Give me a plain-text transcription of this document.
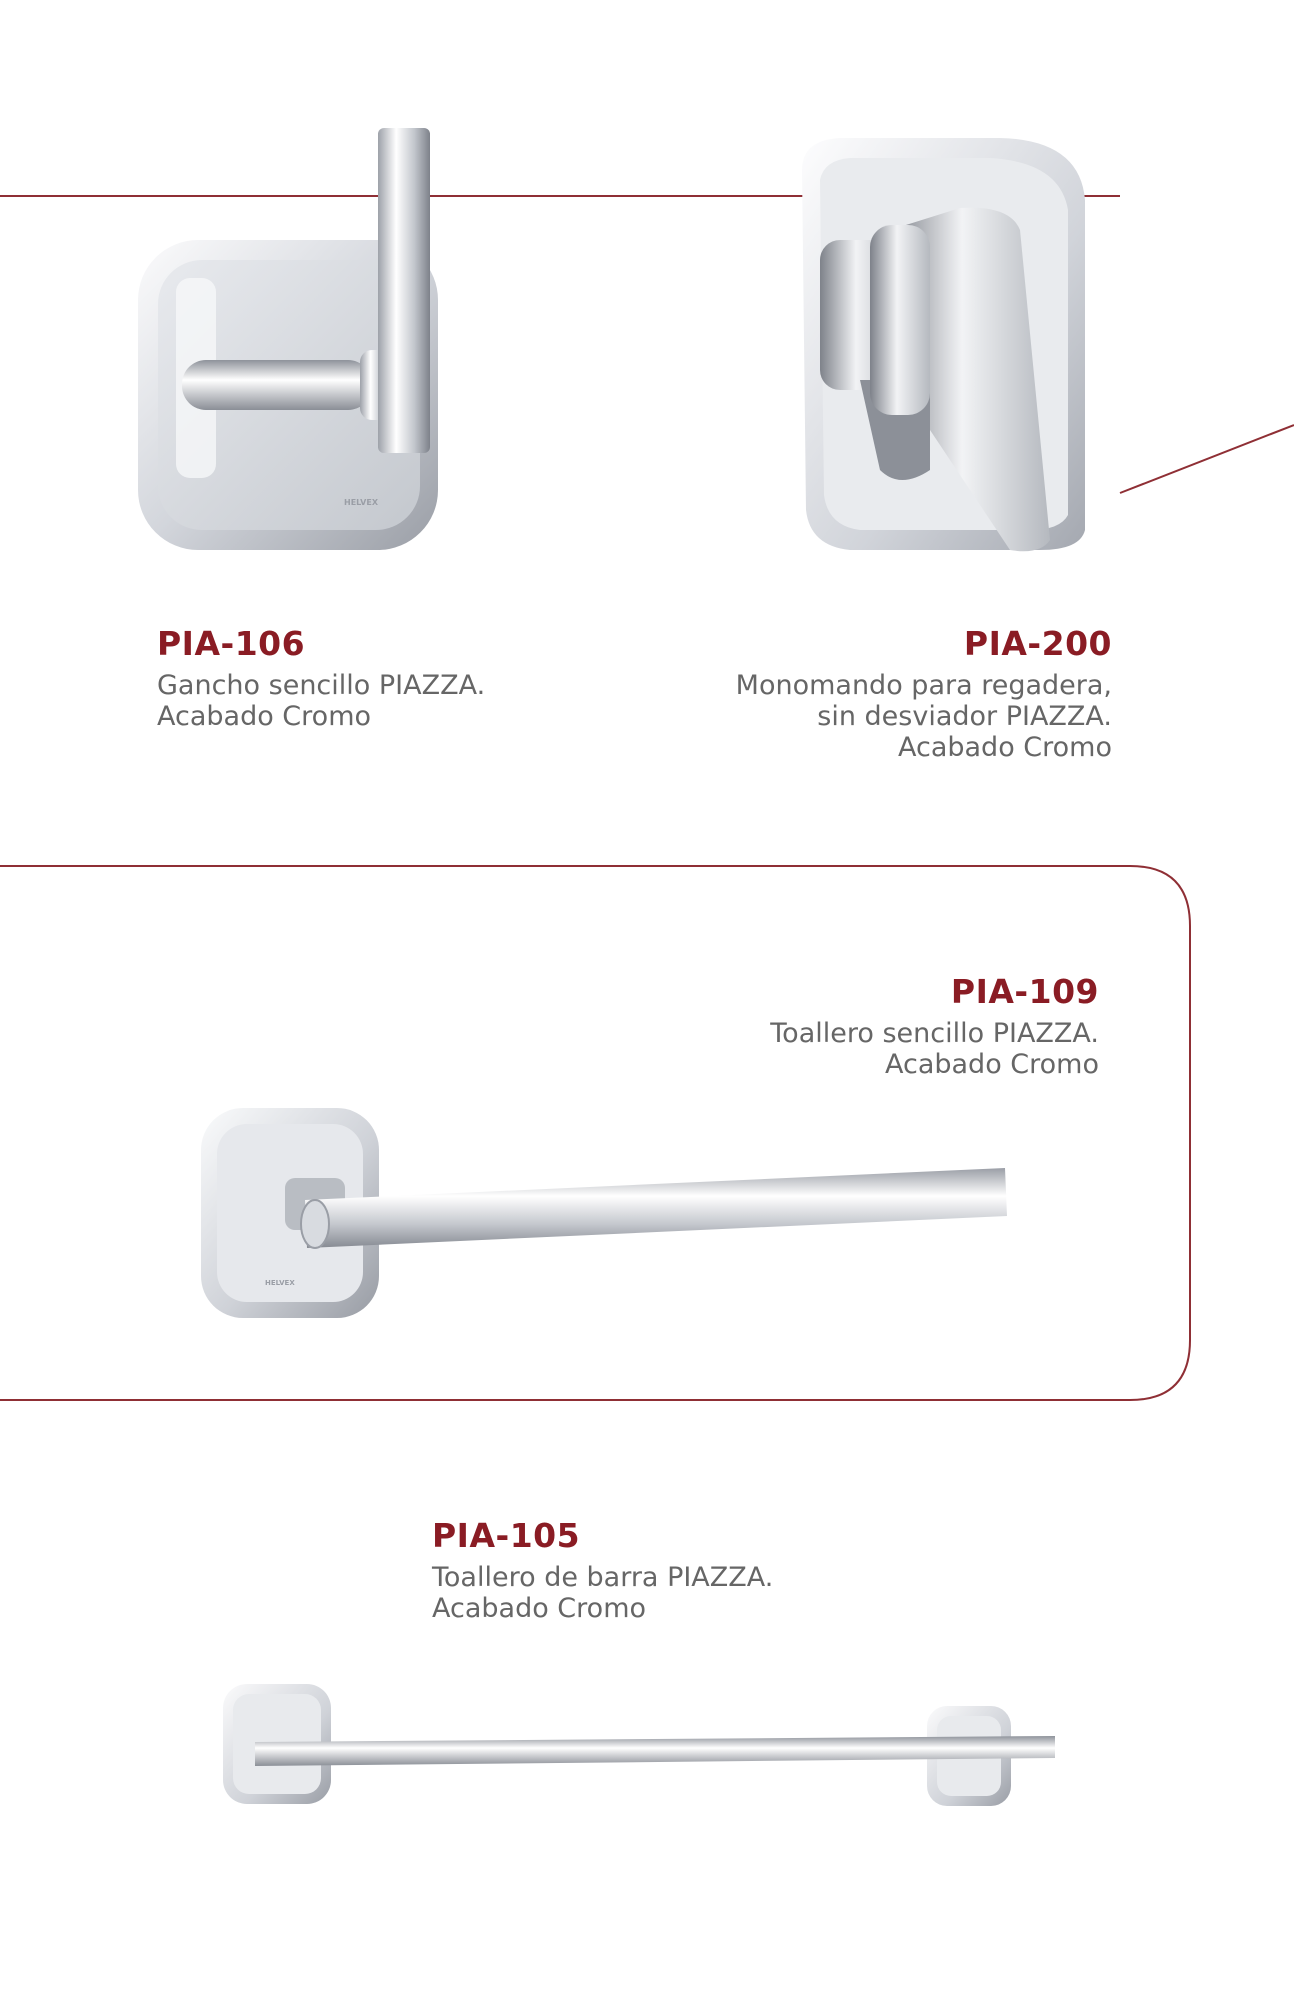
HELVEX
HELVEX
PIA-106
Gancho sencillo PIAZZA.
Acabado Cromo
PIA-200
Monomando para regadera,
sin desviador PIAZZA.
Acabado Cromo
PIA-109
Toallero sencillo PIAZZA.
Acabado Cromo
PIA-105
Toallero de barra PIAZZA.
Acabado Cromo
